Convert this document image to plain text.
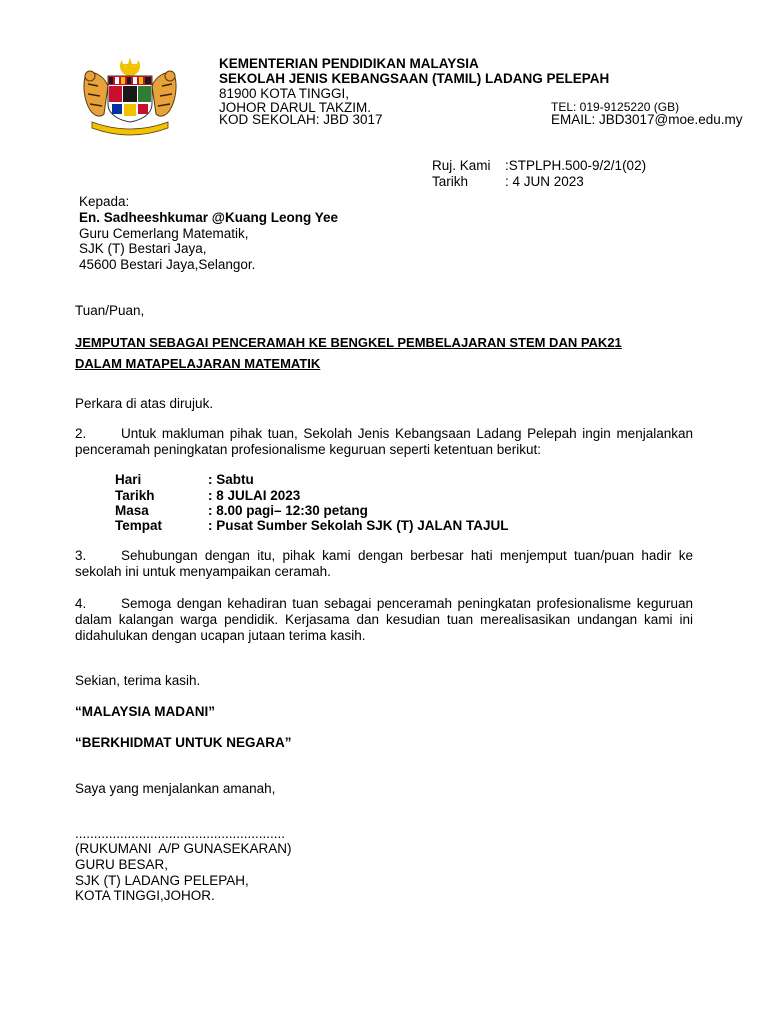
KEMENTERIAN PENDIDIKAN MALAYSIA
SEKOLAH JENIS KEBANGSAAN (TAMIL) LADANG PELEPAH
81900 KOTA TINGGI,
JOHOR DARUL TAKZIM.
KOD SEKOLAH: JBD 3017
TEL: 019-9125220 (GB)
EMAIL: JBD3017@moe.edu.my
Ruj. Kami :STPLPH.500-9/2/1(02)
Tarikh	: 4 JUN 2023
Kepada:
En. Sadheeshkumar @Kuang Leong Yee
Guru Cemerlang Matematik,
SJK (T) Bestari Jaya,
45600 Bestari Jaya,Selangor.
Tuan/Puan,
JEMPUTAN SEBAGAI PENCERAMAH KE BENGKEL PEMBELAJARAN STEM DAN PAK21
DALAM MATAPELAJARAN MATEMATIK
Perkara di atas dirujuk.
2.	Untuk makluman pihak tuan, Sekolah Jenis Kebangsaan Ladang Pelepah ingin menjalankan penceramah peningkatan profesionalisme keguruan seperti ketentuan berikut:
Hari	: Sabtu
Tarikh	: 8 JULAI 2023
Masa	: 8.00 pagi– 12:30 petang
Tempat	: Pusat Sumber Sekolah SJK (T) JALAN TAJUL
3.	Sehubungan dengan itu, pihak kami dengan berbesar hati menjemput tuan/puan hadir ke sekolah ini untuk menyampaikan ceramah.
4.	Semoga dengan kehadiran tuan sebagai penceramah peningkatan profesionalisme keguruan dalam kalangan warga pendidik. Kerjasama dan kesudian tuan merealisasikan undangan kami ini didahulukan dengan ucapan jutaan terima kasih.
Sekian, terima kasih.
“MALAYSIA MADANI”
“BERKHIDMAT UNTUK NEGARA”
Saya yang menjalankan amanah,
........................................................
(RUKUMANI  A/P GUNASEKARAN)
GURU BESAR,
SJK (T) LADANG PELEPAH,
KOTA TINGGI,JOHOR.
